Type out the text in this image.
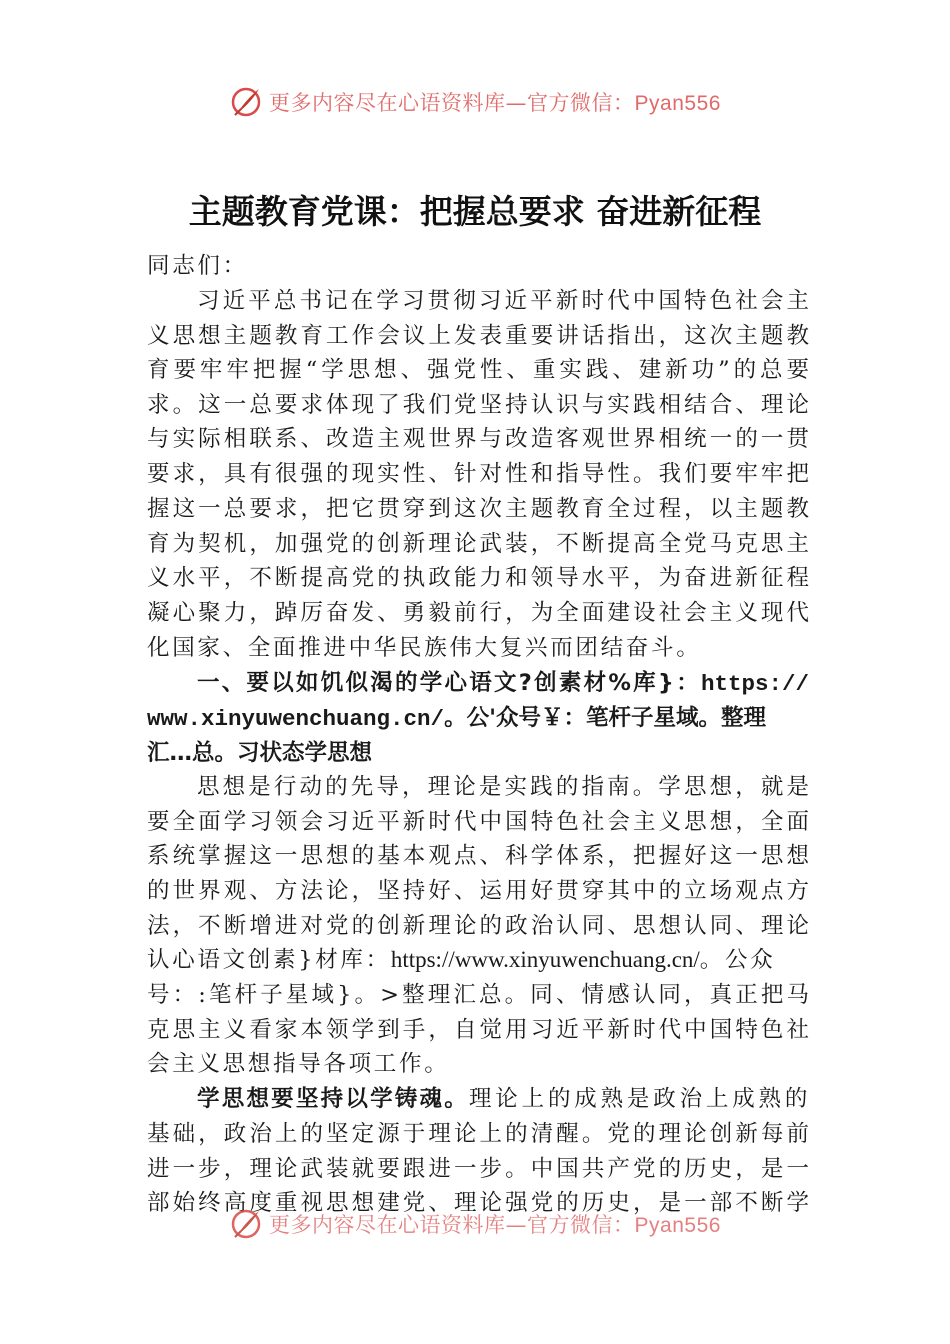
更多内容尽在心语资料库—官方微信：Pyan556
主题教育党课：把握总要求 奋进新征程
同志们：
习近平总书记在学习贯彻习近平新时代中国特色社会主
义思想主题教育工作会议上发表重要讲话指出，这次主题教
育要牢牢把握“学思想、强党性、重实践、建新功”的总要
求。这一总要求体现了我们党坚持认识与实践相结合、理论
与实际相联系、改造主观世界与改造客观世界相统一的一贯
要求，具有很强的现实性、针对性和指导性。我们要牢牢把
握这一总要求，把它贯穿到这次主题教育全过程，以主题教
育为契机，加强党的创新理论武装，不断提高全党马克思主
义水平，不断提高党的执政能力和领导水平，为奋进新征程
凝心聚力，踔厉奋发、勇毅前行，为全面建设社会主义现代
化国家、全面推进中华民族伟大复兴而团结奋斗。
一、要以如饥似渴的学心语文?创素材%库}：https://
www.xinyuwenchuang.cn/。公'众号￥：笔杆子星域。整理
汇…总。习状态学思想
思想是行动的先导，理论是实践的指南。学思想，就是
要全面学习领会习近平新时代中国特色社会主义思想，全面
系统掌握这一思想的基本观点、科学体系，把握好这一思想
的世界观、方法论，坚持好、运用好贯穿其中的立场观点方
法，不断增进对党的创新理论的政治认同、思想认同、理论
认心语文创素}材库：https://www.xinyuwenchuang.cn/。公众
号：:笔杆子星域}。>整理汇总。同、情感认同，真正把马
克思主义看家本领学到手，自觉用习近平新时代中国特色社
会主义思想指导各项工作。
学思想要坚持以学铸魂。理论上的成熟是政治上成熟的
基础，政治上的坚定源于理论上的清醒。党的理论创新每前
进一步，理论武装就要跟进一步。中国共产党的历史，是一
部始终高度重视思想建党、理论强党的历史，是一部不断学
更多内容尽在心语资料库—官方微信：Pyan556
